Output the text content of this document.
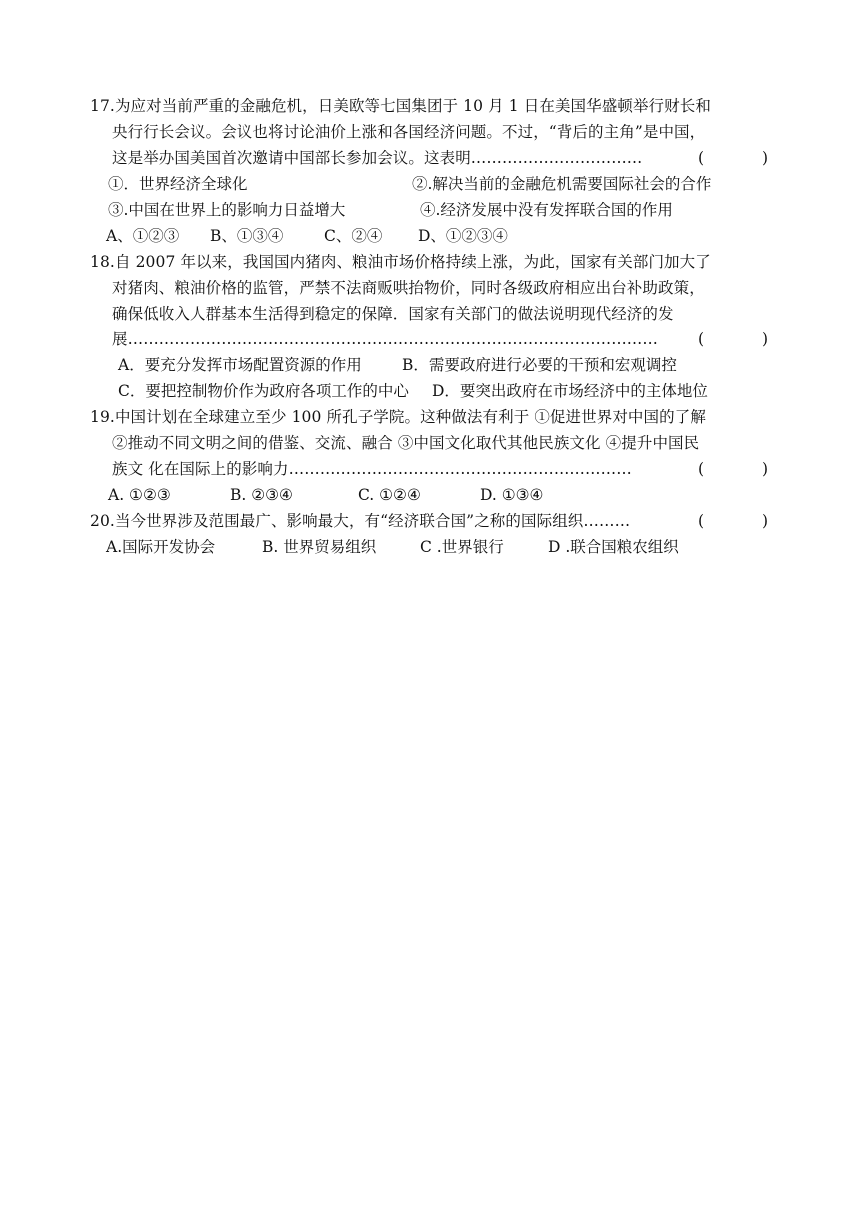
17.为应对当前严重的金融危机，日美欧等七国集团于 10 月 1 日在美国华盛顿举行财长和
央行行长会议。会议也将讨论油价上涨和各国经济问题。不过，“背后的主角”是中国，
这是举办国美国首次邀请中国部长参加会议。这表明……………………………	(	)
①．世界经济全球化	②.解决当前的金融危机需要国际社会的合作
③.中国在世界上的影响力日益增大	④.经济发展中没有发挥联合国的作用
A、①②③ B、①③④	C、②④ D、①②③④
18.自 2007 年以来，我国国内猪肉、粮油市场价格持续上涨，为此，国家有关部门加大了
对猪肉、粮油价格的监管，严禁不法商贩哄抬物价，同时各级政府相应出台补助政策，
确保低收入人群基本生活得到稳定的保障．国家有关部门的做法说明现代经济的发
展…………………………………………………………………………………………	(	)
A．要充分发挥市场配置资源的作用	B．需要政府进行必要的干预和宏观调控
C．要把控制物价作为政府各项工作的中心 D．要突出政府在市场经济中的主体地位
19.中国计划在全球建立至少 100 所孔子学院。这种做法有利于 ①促进世界对中国的了解
②推动不同文明之间的借鉴、交流、融合 ③中国文化取代其他民族文化 ④提升中国民
族文 化在国际上的影响力…………………………………………………………	(	)
A. ①②③	B. ②③④	C. ①②④	D. ①③④
20.当今世界涉及范围最广、影响最大，有“经济联合国”之称的国际组织………	(	)
A.国际开发协会	B. 世界贸易组织	C .世界银行	D .联合国粮农组织
